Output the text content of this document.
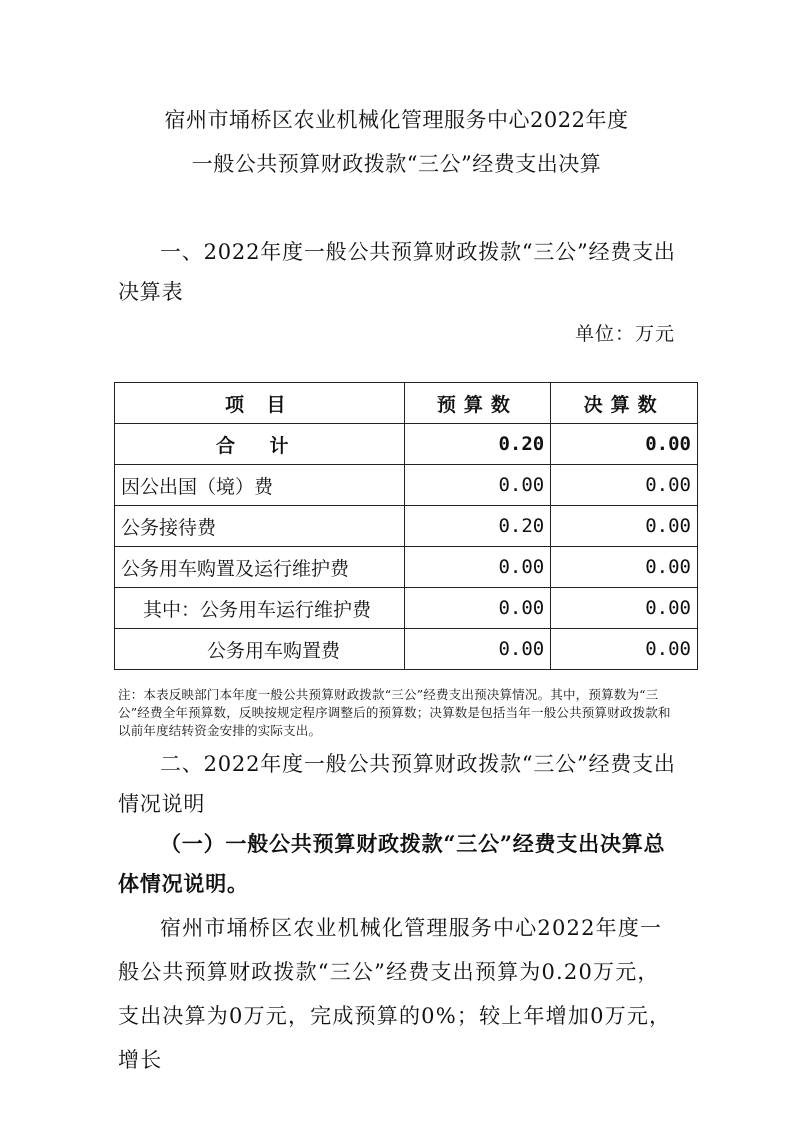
宿州市埇桥区农业机械化管理服务中心2022年度
一般公共预算财政拨款“三公”经费支出决算
一、2022年度一般公共预算财政拨款“三公”经费支出决算表
单位：万元
项 目	预算数	决算数
合 计	0.20	0.00
因公出国（境）费	0.00	0.00
公务接待费	0.20	0.00
公务用车购置及运行维护费	0.00	0.00
其中：公务用车运行维护费	0.00	0.00
公务用车购置费	0.00	0.00
注：本表反映部门本年度一般公共预算财政拨款“三公”经费支出预决算情况。其中，预算数为“三公”经费全年预算数，反映按规定程序调整后的预算数；决算数是包括当年一般公共预算财政拨款和以前年度结转资金安排的实际支出。
二、2022年度一般公共预算财政拨款“三公”经费支出情况说明
（一）一般公共预算财政拨款“三公”经费支出决算总体情况说明。
宿州市埇桥区农业机械化管理服务中心2022年度一般公共预算财政拨款“三公”经费支出预算为0.20万元，支出决算为0万元，完成预算的0%；较上年增加0万元，增长
